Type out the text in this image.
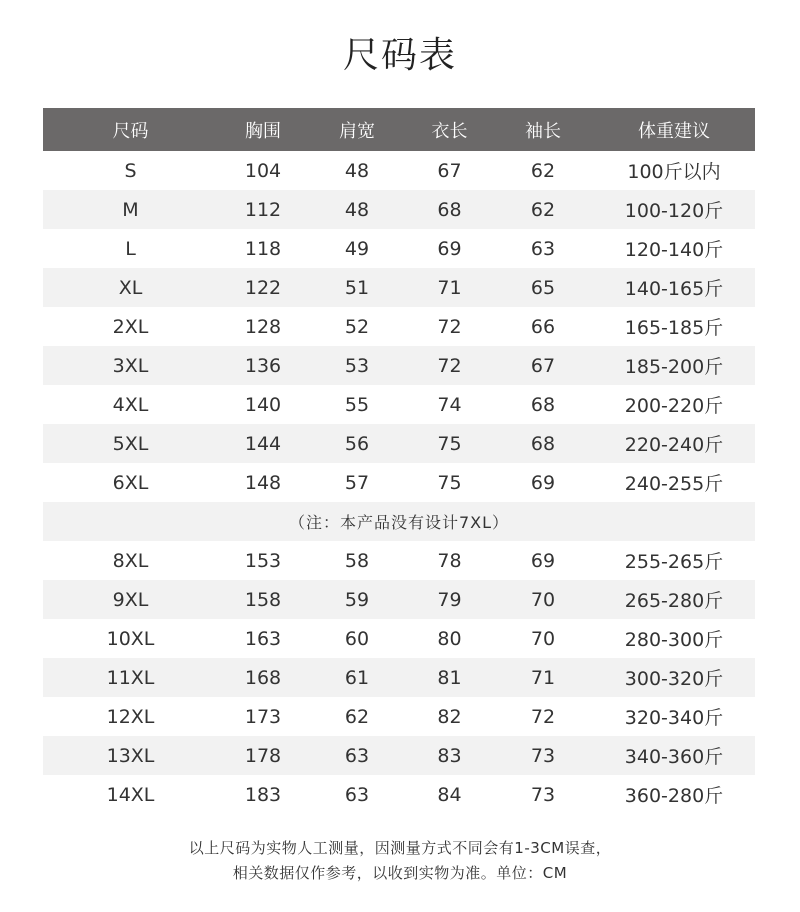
尺码表
尺码	胸围	肩宽	衣长	袖长	体重建议
S	104	48	67	62	100斤以内
M	112	48	68	62	100-120斤
L	118	49	69	63	120-140斤
XL	122	51	71	65	140-165斤
2XL	128	52	72	66	165-185斤
3XL	136	53	72	67	185-200斤
4XL	140	55	74	68	200-220斤
5XL	144	56	75	68	220-240斤
6XL	148	57	75	69	240-255斤
（注：本产品没有设计7XL）
8XL	153	58	78	69	255-265斤
9XL	158	59	79	70	265-280斤
10XL	163	60	80	70	280-300斤
11XL	168	61	81	71	300-320斤
12XL	173	62	82	72	320-340斤
13XL	178	63	83	73	340-360斤
14XL	183	63	84	73	360-280斤
以上尺码为实物人工测量，因测量方式不同会有1-3CM误查，
相关数据仅作参考，以收到实物为准。单位：CM
